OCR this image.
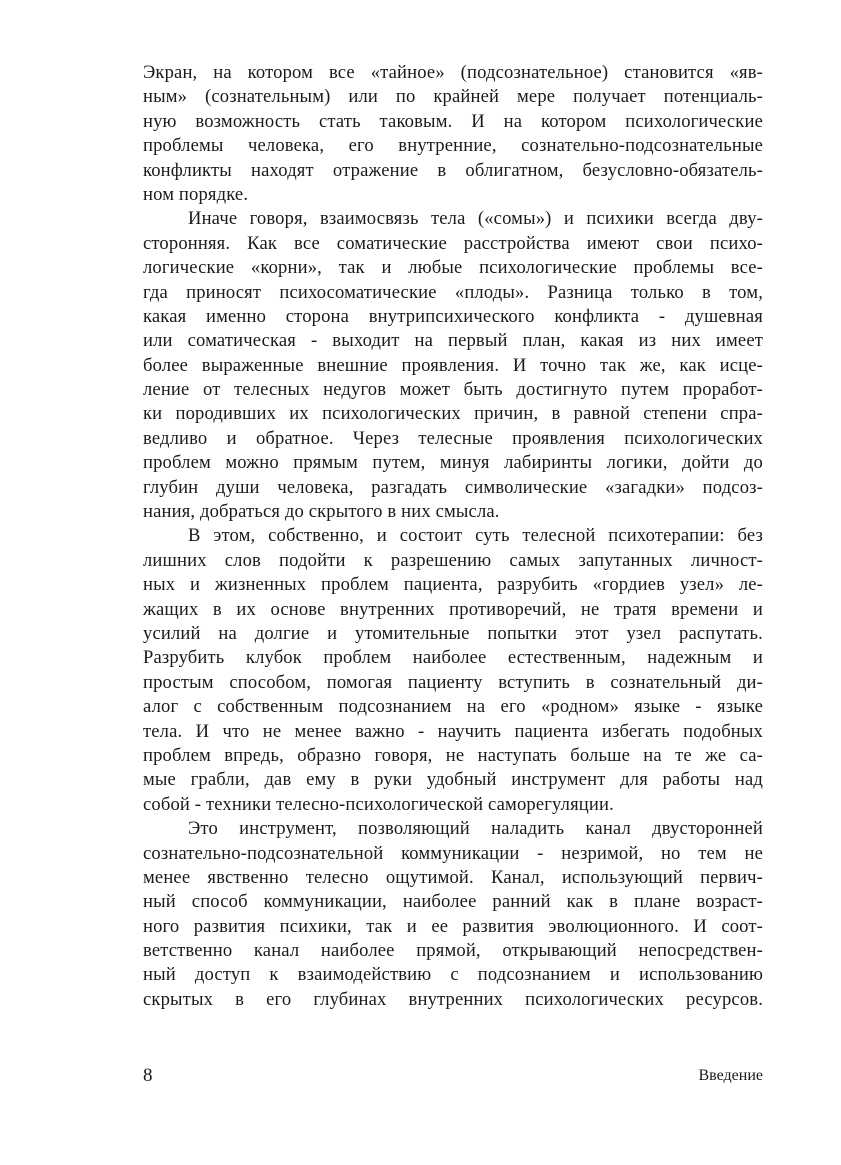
Экран, на котором все «тайное» (подсознательное) становится «яв-
ным» (сознательным) или по крайней мере получает потенциаль-
ную возможность стать таковым. И на котором психологические
проблемы человека, его внутренние, сознательно-подсознательные
конфликты находят отражение в облигатном, безусловно-обязатель-
ном порядке.
Иначе говоря, взаимосвязь тела («сомы») и психики всегда дву-
сторонняя. Как все соматические расстройства имеют свои психо-
логические «корни», так и любые психологические проблемы все-
гда приносят психосоматические «плоды». Разница только в том,
какая именно сторона внутрипсихического конфликта - душевная
или соматическая - выходит на первый план, какая из них имеет
более выраженные внешние проявления. И точно так же, как исце-
ление от телесных недугов может быть достигнуто путем проработ-
ки породивших их психологических причин, в равной степени спра-
ведливо и обратное. Через телесные проявления психологических
проблем можно прямым путем, минуя лабиринты логики, дойти до
глубин души человека, разгадать символические «загадки» подсоз-
нания, добраться до скрытого в них смысла.
В этом, собственно, и состоит суть телесной психотерапии: без
лишних слов подойти к разрешению самых запутанных личност-
ных и жизненных проблем пациента, разрубить «гордиев узел» ле-
жащих в их основе внутренних противоречий, не тратя времени и
усилий на долгие и утомительные попытки этот узел распутать.
Разрубить клубок проблем наиболее естественным, надежным и
простым способом, помогая пациенту вступить в сознательный ди-
алог с собственным подсознанием на его «родном» языке - языке
тела. И что не менее важно - научить пациента избегать подобных
проблем впредь, образно говоря, не наступать больше на те же са-
мые грабли, дав ему в руки удобный инструмент для работы над
собой - техники телесно-психологической саморегуляции.
Это инструмент, позволяющий наладить канал двусторонней
сознательно-подсознательной коммуникации - незримой, но тем не
менее явственно телесно ощутимой. Канал, использующий первич-
ный способ коммуникации, наиболее ранний как в плане возраст-
ного развития психики, так и ее развития эволюционного. И соот-
ветственно канал наиболее прямой, открывающий непосредствен-
ный доступ к взаимодействию с подсознанием и использованию
скрытых в его глубинах внутренних психологических ресурсов.
8	Введение
